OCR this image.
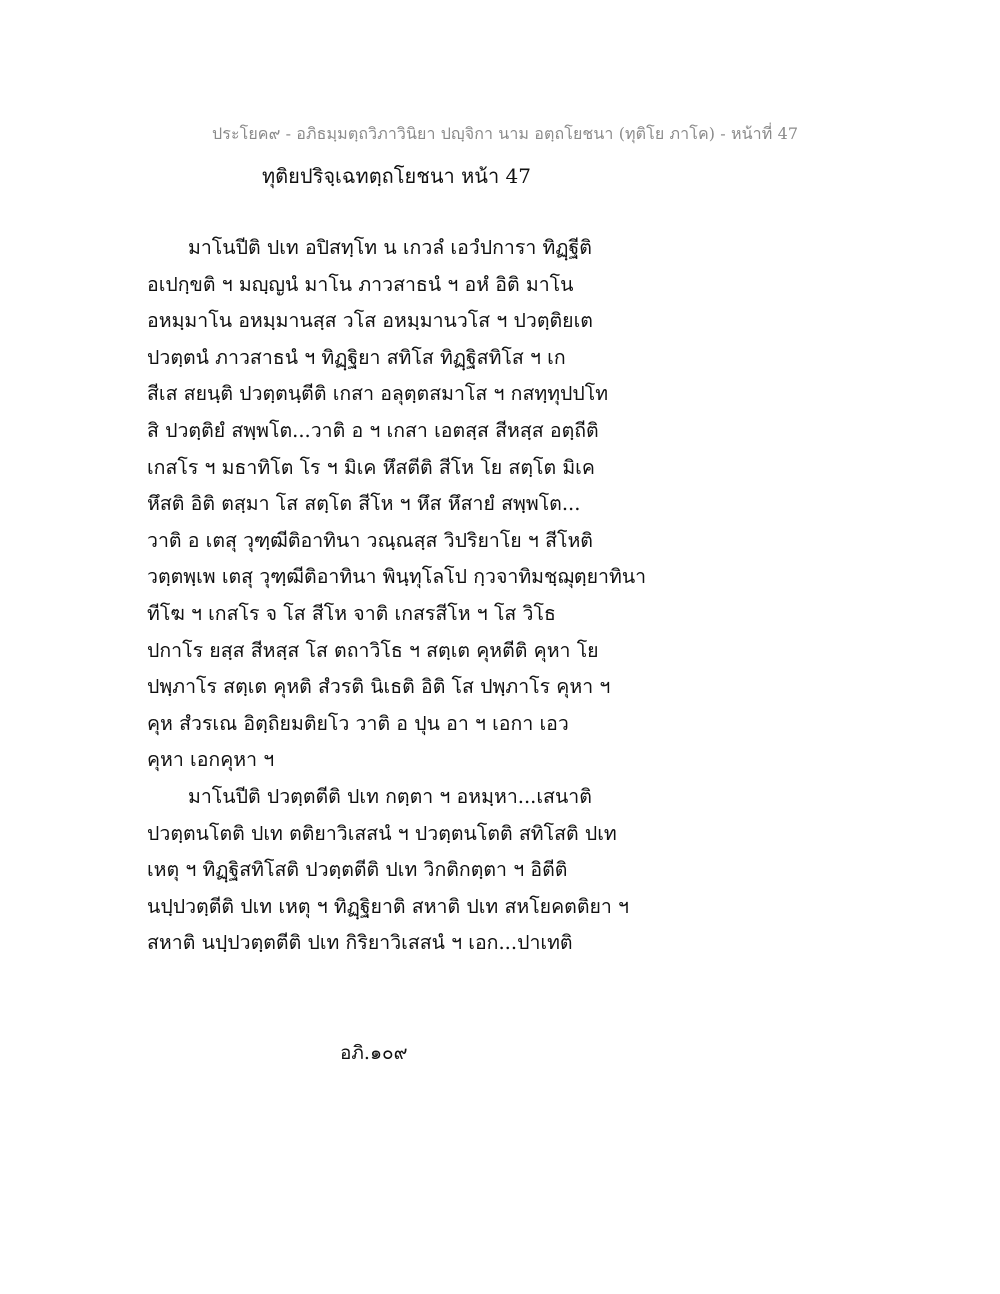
ประโยค๙ - อภิธมฺมตฺถวิภาวินิยา ปญฺจิกา นาม อตฺถโยชนา (ทุติโย ภาโค) - หน้าที่ 47
ทุติยปริจฺเฉทตฺถโยชนา หน้า 47
มาโนปีติ ปเท อปิสทฺโท น เกวลํ เอวํปการา ทิฏฺฐีติ
อเปกฺขติ ฯ มญฺญนํ มาโน ภาวสาธนํ ฯ อหํ อิติ มาโน
อหมฺมาโน อหมฺมานสฺส วโส อหมฺมานวโส ฯ ปวตฺติยเต
ปวตฺตนํ ภาวสาธนํ ฯ ทิฏฺฐิยา สทิโส ทิฏฺฐิสทิโส ฯ เก
สีเส สยนฺติ ปวตฺตนฺตีติ เกสา อลุตฺตสมาโส ฯ กสทฺทุปปโท
สิ ปวตฺติยํ สพฺพโต...วาติ อ ฯ เกสา เอตสฺส สีหสฺส อตฺถีติ
เกสโร ฯ มธาทิโต โร ฯ มิเค หึสตีติ สีโห โย สตฺโต มิเค
หึสติ อิติ ตสฺมา โส สตฺโต สีโห ฯ หึส หึสายํ สพฺพโต...
วาติ อ เตสุ วุฑฺฒีติอาทินา วณฺณสฺส วิปริยาโย ฯ สีโหติ
วตฺตพฺเพ เตสุ วุฑฺฒีติอาทินา พินฺทุโลโป กฺวจาทิมชฺฌุตฺยาทินา
ทีโฆ ฯ เกสโร จ โส สีโห จาติ เกสรสีโห ฯ โส วิโธ
ปกาโร ยสฺส สีหสฺส โส ตถาวิโธ ฯ สตฺเต คุหตีติ คุหา โย
ปพฺภาโร สตฺเต คุหติ สํวรติ นิเธติ อิติ โส ปพฺภาโร คุหา ฯ
คุห สํวรเณ อิตฺถิยมติยโว วาติ อ ปุน อา ฯ เอกา เอว
คุหา เอกคุหา ฯ
มาโนปีติ ปวตฺตตีติ ปเท กตฺตา ฯ อหมฺหา...เสนาติ
ปวตฺตนโตติ ปเท ตติยาวิเสสนํ ฯ ปวตฺตนโตติ สทิโสติ ปเท
เหตุ ฯ ทิฏฺฐิสทิโสติ ปวตฺตตีติ ปเท วิกติกตฺตา ฯ อิตีติ
นปฺปวตฺตีติ ปเท เหตุ ฯ ทิฏฺฐิยาติ สหาติ ปเท สหโยคตติยา ฯ
สหาติ นปฺปวตฺตตีติ ปเท กิริยาวิเสสนํ ฯ เอก...ปาเทติ
อภิ.๑๐๙
